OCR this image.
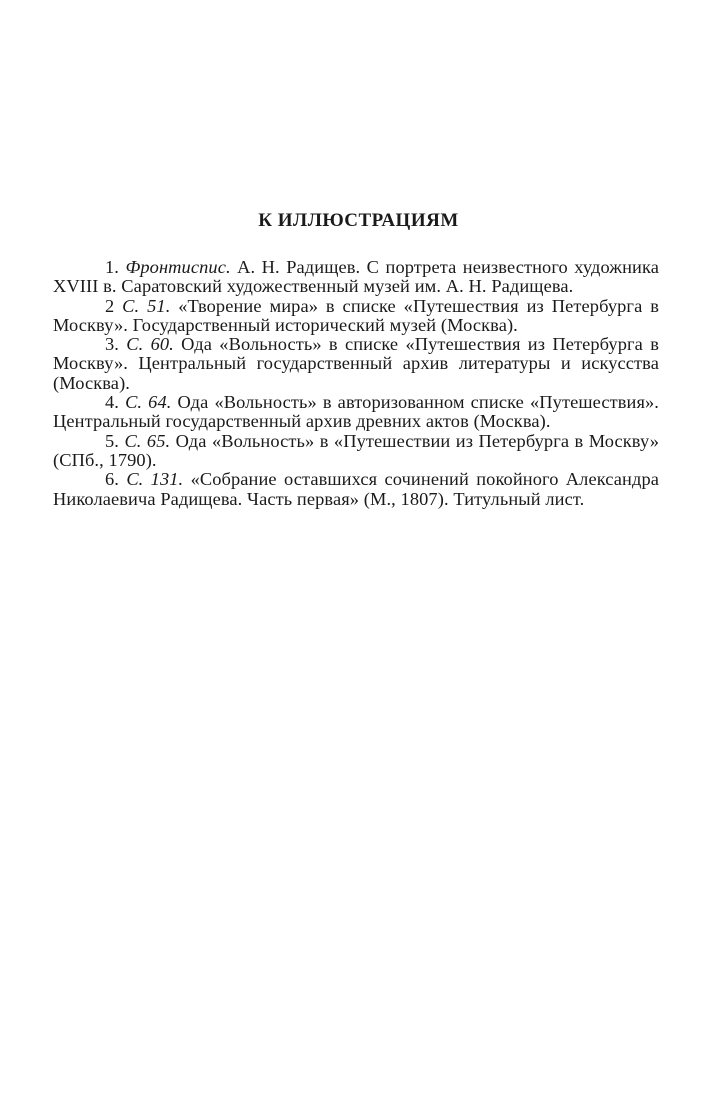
К ИЛЛЮСТРАЦИЯМ

1. Фронтиспис. А. Н. Радищев. С портрета неизвестного художника XVIII в. Саратовский художественный музей им. А. Н. Радищева.

2 С. 51. «Творение мира» в списке «Путешествия из Петербурга в Москву». Государственный исторический музей (Москва).

3. С. 60. Ода «Вольность» в списке «Путешествия из Петербурга в Москву». Центральный государственный архив литературы и искусства (Москва).

4. С. 64. Ода «Вольность» в авторизованном списке «Путешествия». Центральный государственный архив древних актов (Москва).

5. С. 65. Ода «Вольность» в «Путешествии из Петербурга в Москву» (СПб., 1790).

6. С. 131. «Собрание оставшихся сочинений покойного Александра Николаевича Радищева. Часть первая» (М., 1807). Титульный лист.
